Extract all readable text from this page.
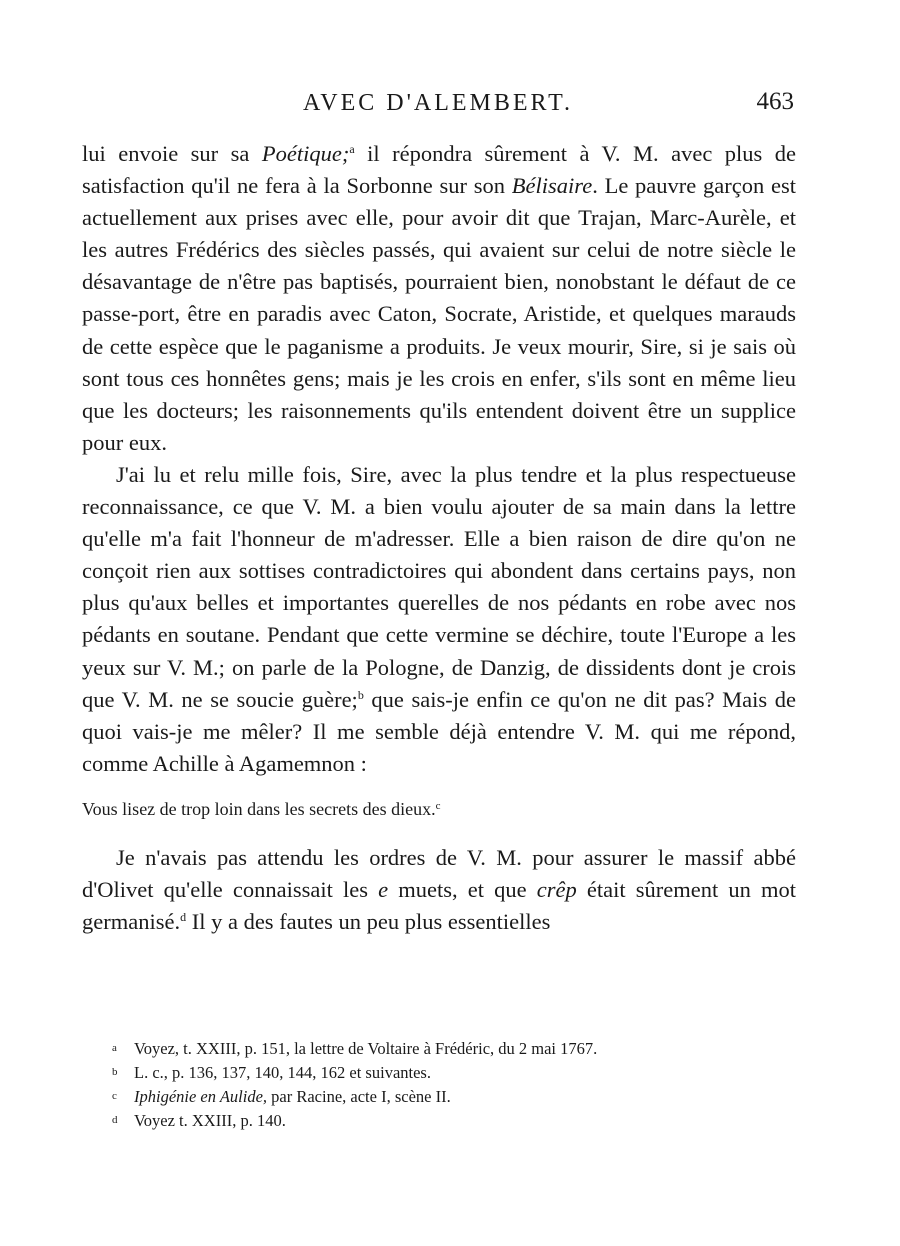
AVEC D'ALEMBERT.	463

lui envoie sur sa Poétique;$^a$ il répondra sûrement à V. M. avec plus de satisfaction qu'il ne fera à la Sorbonne sur son Bélisaire. Le pauvre garçon est actuellement aux prises avec elle, pour avoir dit que Trajan, Marc-Aurèle, et les autres Frédérics des siècles passés, qui avaient sur celui de notre siècle le désavantage de n'être pas baptisés, pourraient bien, nonobstant le défaut de ce passe-port, être en paradis avec Caton, Socrate, Aristide, et quelques marauds de cette espèce que le paganisme a produits. Je veux mourir, Sire, si je sais où sont tous ces honnêtes gens; mais je les crois en enfer, s'ils sont en même lieu que les docteurs; les raisonnements qu'ils entendent doivent être un supplice pour eux.

J'ai lu et relu mille fois, Sire, avec la plus tendre et la plus respectueuse reconnaissance, ce que V. M. a bien voulu ajouter de sa main dans la lettre qu'elle m'a fait l'honneur de m'adresser. Elle a bien raison de dire qu'on ne conçoit rien aux sottises contradictoires qui abondent dans certains pays, non plus qu'aux belles et importantes querelles de nos pédants en robe avec nos pédants en soutane. Pendant que cette vermine se déchire, toute l'Europe a les yeux sur V. M.; on parle de la Pologne, de Danzig, de dissidents dont je crois que V. M. ne se soucie guère;$^b$ que sais-je enfin ce qu'on ne dit pas? Mais de quoi vais-je me mêler? Il me semble déjà entendre V. M. qui me répond, comme Achille à Agamemnon :

Vous lisez de trop loin dans les secrets des dieux.$^c$

Je n'avais pas attendu les ordres de V. M. pour assurer le massif abbé d'Olivet qu'elle connaissait les e muets, et que crêp était sûrement un mot germanisé.$^d$ Il y a des fautes un peu plus essentielles

a	Voyez, t. XXIII, p. 151, la lettre de Voltaire à Frédéric, du 2 mai 1767.
b	L. c., p. 136, 137, 140, 144, 162 et suivantes.
c	Iphigénie en Aulide, par Racine, acte I, scène II.
d	Voyez t. XXIII, p. 140.
